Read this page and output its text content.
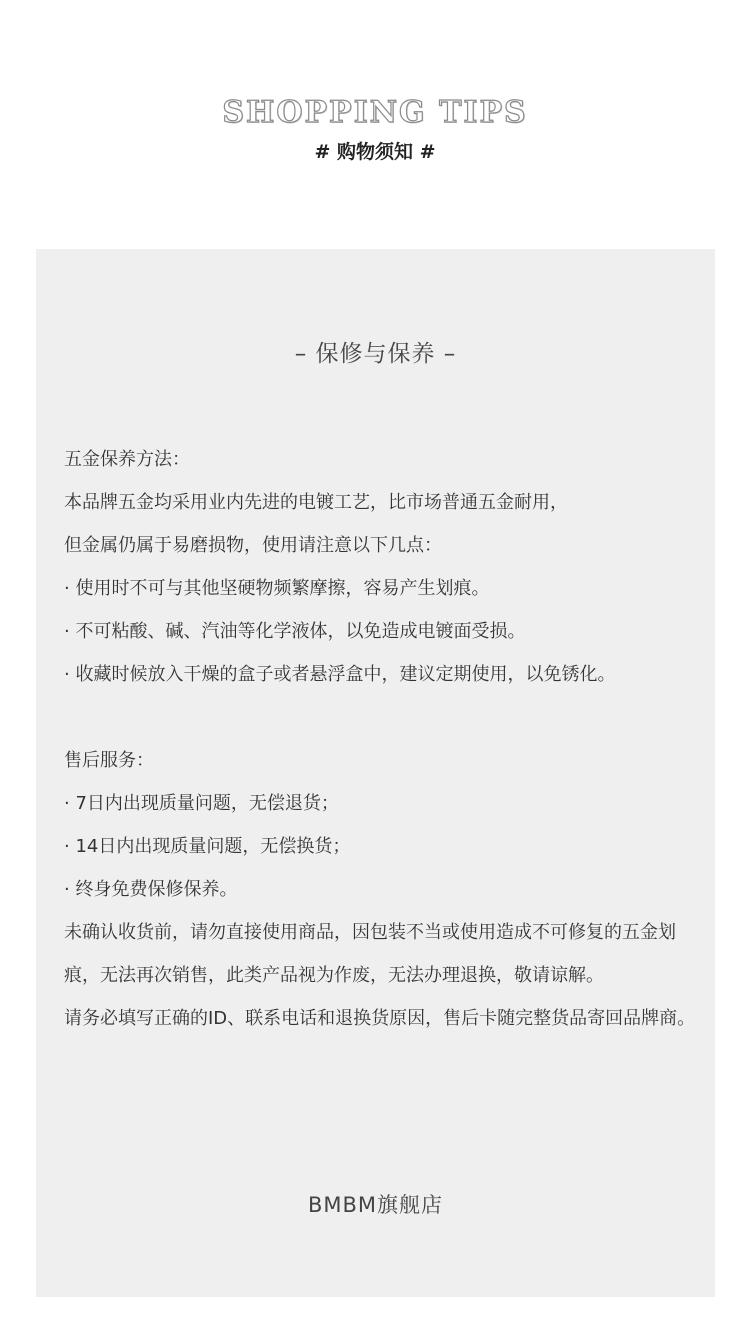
SHOPPING TIPS
# 购物须知 #
– 保修与保养 –
五金保养方法：
本品牌五金均采用业内先进的电镀工艺，比市场普通五金耐用，
但金属仍属于易磨损物，使用请注意以下几点：
· 使用时不可与其他坚硬物频繁摩擦，容易产生划痕。
· 不可粘酸、碱、汽油等化学液体，以免造成电镀面受损。
· 收藏时候放入干燥的盒子或者悬浮盒中，建议定期使用，以免锈化。
售后服务：
· 7日内出现质量问题，无偿退货；
· 14日内出现质量问题，无偿换货；
· 终身免费保修保养。
未确认收货前，请勿直接使用商品，因包装不当或使用造成不可修复的五金划痕，无法再次销售，此类产品视为作废，无法办理退换，敬请谅解。
请务必填写正确的ID、联系电话和退换货原因，售后卡随完整货品寄回品牌商。
BMBM旗舰店
